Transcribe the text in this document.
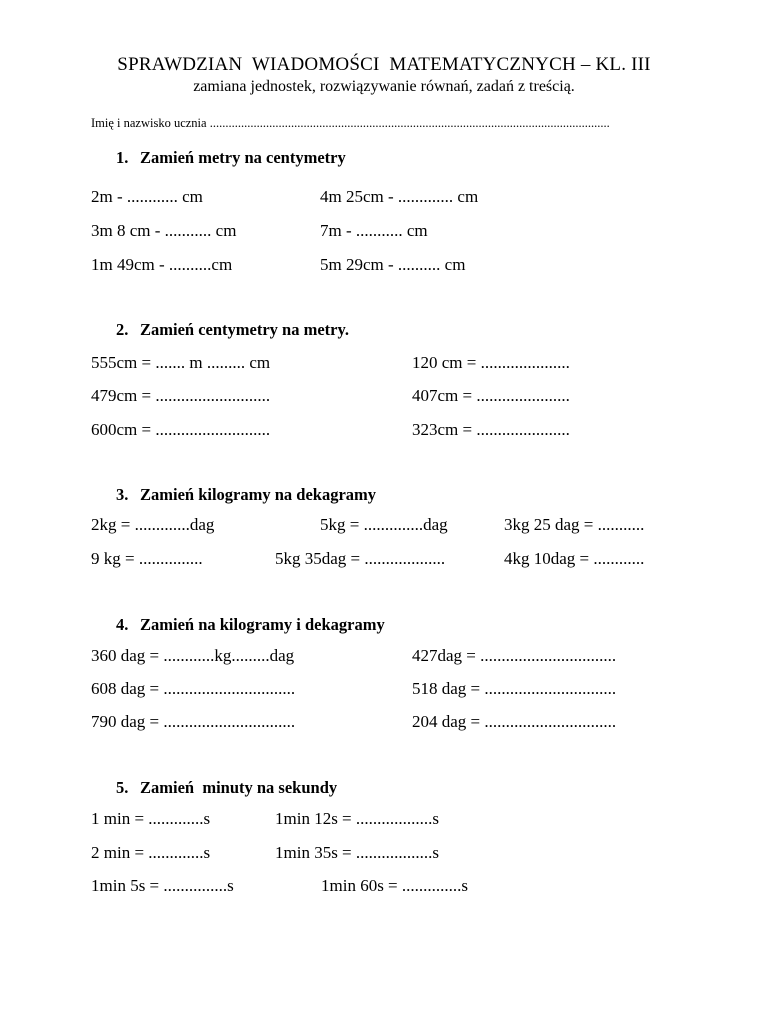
SPRAWDZIAN  WIADOMOŚCI  MATEMATYCZNYCH – KL. III
zamiana jednostek, rozwiązywanie równań, zadań z treścią.
Imię i nazwisko ucznia ................................................................................................................................
1. Zamień metry na centymetry
2m - ............ cm	4m 25cm - ............. cm
3m 8 cm - ........... cm	7m - ........... cm
1m 49cm - ..........cm	5m 29cm - .......... cm
2. Zamień centymetry na metry.
555cm = ....... m ......... cm	120 cm = .....................
479cm = ...........................	407cm = ......................
600cm = ...........................	323cm = ......................
3. Zamień kilogramy na dekagramy
2kg = .............dag	5kg = ..............dag	3kg 25 dag = ...........
9 kg = ...............	5kg 35dag = ...................	4kg 10dag = ............
4. Zamień na kilogramy i dekagramy
360 dag = ............kg.........dag	427dag = ................................
608 dag = ...............................	518 dag = ...............................
790 dag = ...............................	204 dag = ...............................
5. Zamień  minuty na sekundy
1 min = .............s	1min 12s = ..................s
2 min = .............s	1min 35s = ..................s
1min 5s = ...............s	1min 60s = ..............s
